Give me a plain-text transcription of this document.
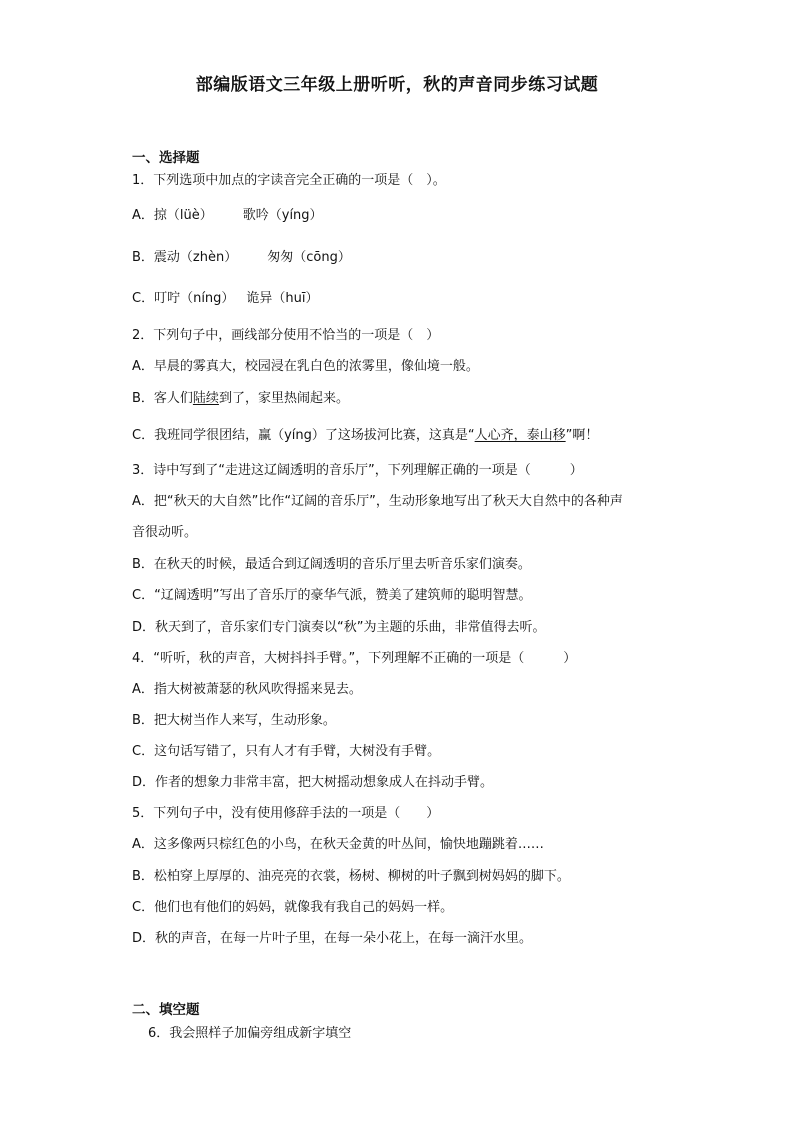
部编版语文三年级上册听听，秋的声音同步练习试题
一、选择题
1．下列选项中加点的字读音完全正确的一项是（　）。
A．掠（lüè） 歌吟（yíng）
B．震动（zhèn） 匆匆（cōng）
C．叮咛（níng） 诡异（huī）
2．下列句子中，画线部分使用不恰当的一项是（　）
A．早晨的雾真大，校园浸在乳白色的浓雾里，像仙境一般。
B．客人们陆续到了，家里热闹起来。
C．我班同学很团结，赢（yíng）了这场拔河比赛，这真是“人心齐，泰山移”啊！
3．诗中写到了“走进这辽阔透明的音乐厅”，下列理解正确的一项是（　　　）
A．把“秋天的大自然”比作“辽阔的音乐厅”，生动形象地写出了秋天大自然中的各种声
音很动听。
B．在秋天的时候，最适合到辽阔透明的音乐厅里去听音乐家们演奏。
C．“辽阔透明”写出了音乐厅的豪华气派，赞美了建筑师的聪明智慧。
D．秋天到了，音乐家们专门演奏以“秋”为主题的乐曲，非常值得去听。
4．“听听，秋的声音，大树抖抖手臂。”，下列理解不正确的一项是（　　　）
A．指大树被萧瑟的秋风吹得摇来晃去。
B．把大树当作人来写，生动形象。
C．这句话写错了，只有人才有手臂，大树没有手臂。
D．作者的想象力非常丰富，把大树摇动想象成人在抖动手臂。
5．下列句子中，没有使用修辞手法的一项是（　　）
A．这多像两只棕红色的小鸟，在秋天金黄的叶丛间，愉快地蹦跳着……
B．松柏穿上厚厚的、油亮亮的衣裳，杨树、柳树的叶子飘到树妈妈的脚下。
C．他们也有他们的妈妈，就像我有我自己的妈妈一样。
D．秋的声音，在每一片叶子里，在每一朵小花上，在每一滴汗水里。
二、填空题
6．我会照样子加偏旁组成新字填空
